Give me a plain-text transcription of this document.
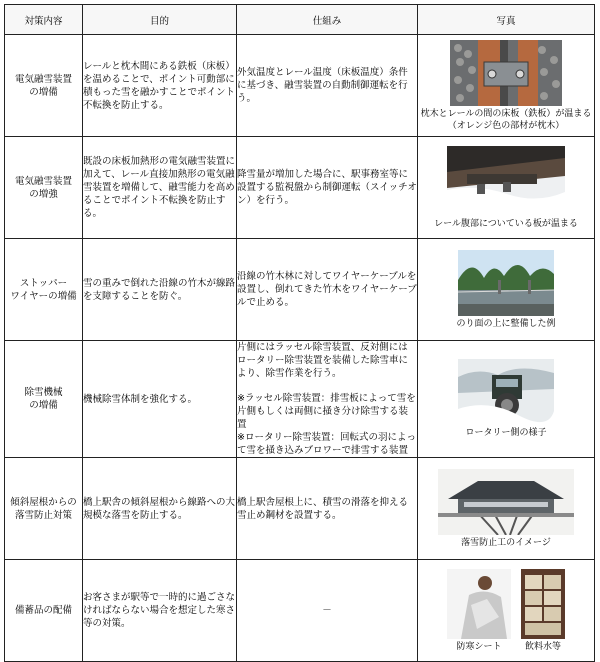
対策内容	目的	仕組み	写真
電気融雪装置
の増備	レールと枕木間にある鉄板（床板）を温めることで、ポイント可動部に積もった雪を融かすことでポイント不転換を防止する。	外気温度とレール温度（床板温度）条件に基づき、融雪装置の自動制御運転を行う。	枕木とレールの間の床板（鉄板）が温まる
（オレンジ色の部材が枕木）

電気融雪装置
の増強	既設の床板加熱形の電気融雪装置に加えて、レール直接加熱形の電気融雪装置を増備して、融雪能力を高めることでポイント不転換を防止する。	降雪量が増加した場合に、駅事務室等に設置する監視盤から制御運転（スイッチオン）を行う。	レール腹部についている板が温まる

ストッパー
ワイヤーの増備	雪の重みで倒れた沿線の竹木が線路を支障することを防ぐ。	沿線の竹木林に対してワイヤーケーブルを設置し、倒れてきた竹木をワイヤーケーブルで止める。	のり面の上に整備した例

除雪機械
の増備	機械除雪体制を強化する。	片側にはラッセル除雪装置、反対側にはロータリー除雪装置を装備した除雪車により、除雪作業を行う。
※ラッセル除雪装置：排雪板によって雪を片側もしくは両側に掻き分け除雪する装置
※ロータリー除雪装置：回転式の羽によって雪を掻き込みブロワーで排雪する装置	ロータリー側の様子

傾斜屋根からの
落雪防止対策	橋上駅舎の傾斜屋根から線路への大規模な落雪を防止する。	橋上駅舎屋根上に、積雪の滑落を抑える雪止め鋼材を設置する。	落雪防止工のイメージ

備蓄品の配備	お客さまが駅等で一時的に過ごさなければならない場合を想定した寒さ等の対策。	－	防寒シート 飲料水等
